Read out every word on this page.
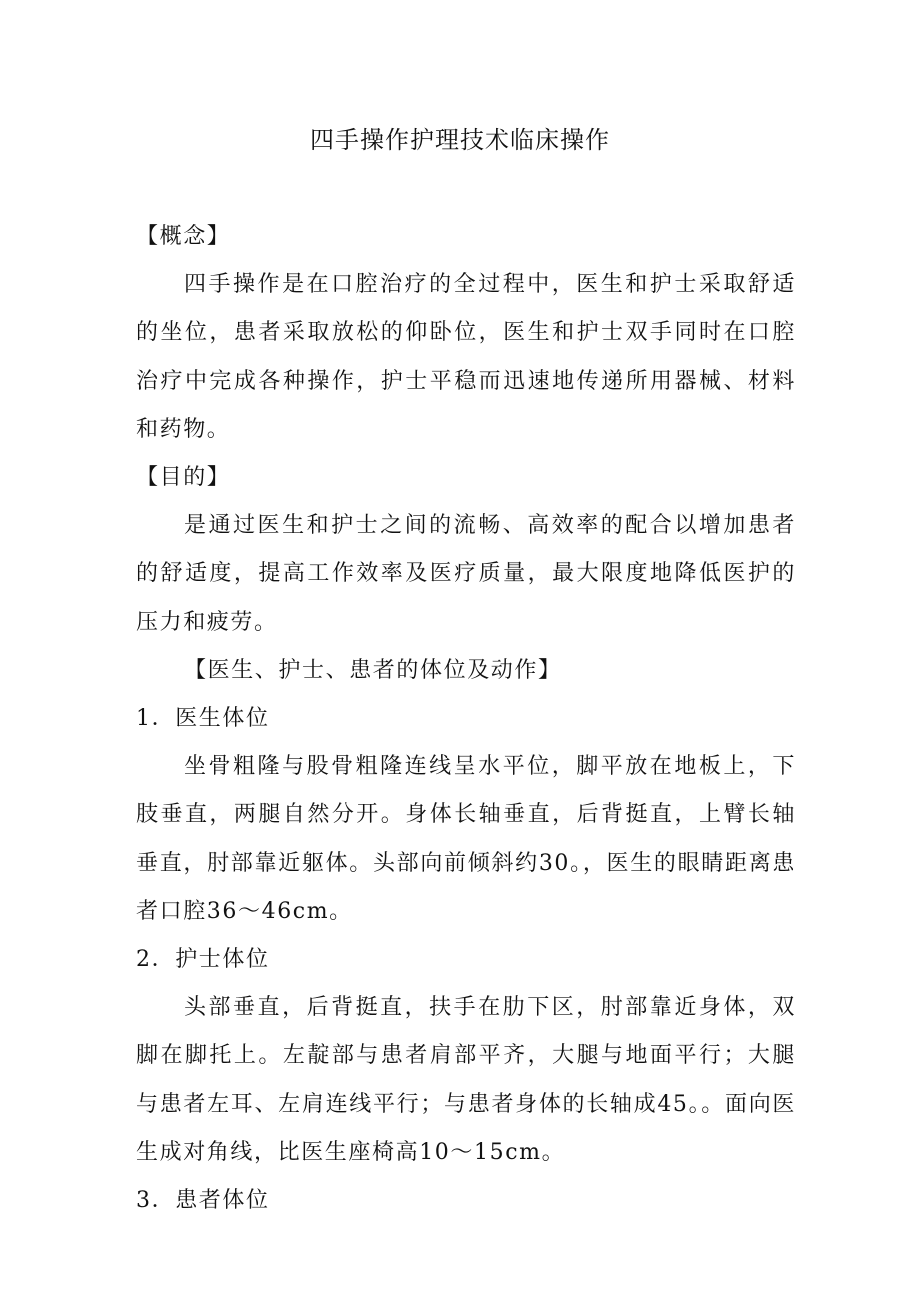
四手操作护理技术临床操作

【概念】

四手操作是在口腔治疗的全过程中，医生和护士采取舒适的坐位，患者采取放松的仰卧位，医生和护士双手同时在口腔治疗中完成各种操作，护士平稳而迅速地传递所用器械、材料和药物。

【目的】

是通过医生和护士之间的流畅、高效率的配合以增加患者的舒适度，提高工作效率及医疗质量，最大限度地降低医护的压力和疲劳。

【医生、护士、患者的体位及动作】

1．医生体位

坐骨粗隆与股骨粗隆连线呈水平位，脚平放在地板上，下肢垂直，两腿自然分开。身体长轴垂直，后背挺直，上臂长轴垂直，肘部靠近躯体。头部向前倾斜约30。，医生的眼睛距离患者口腔36～46cm。

2．护士体位

头部垂直，后背挺直，扶手在肋下区，肘部靠近身体，双脚在脚托上。左靛部与患者肩部平齐，大腿与地面平行；大腿与患者左耳、左肩连线平行；与患者身体的长轴成45。。面向医生成对角线，比医生座椅高10～15cm。

3．患者体位
